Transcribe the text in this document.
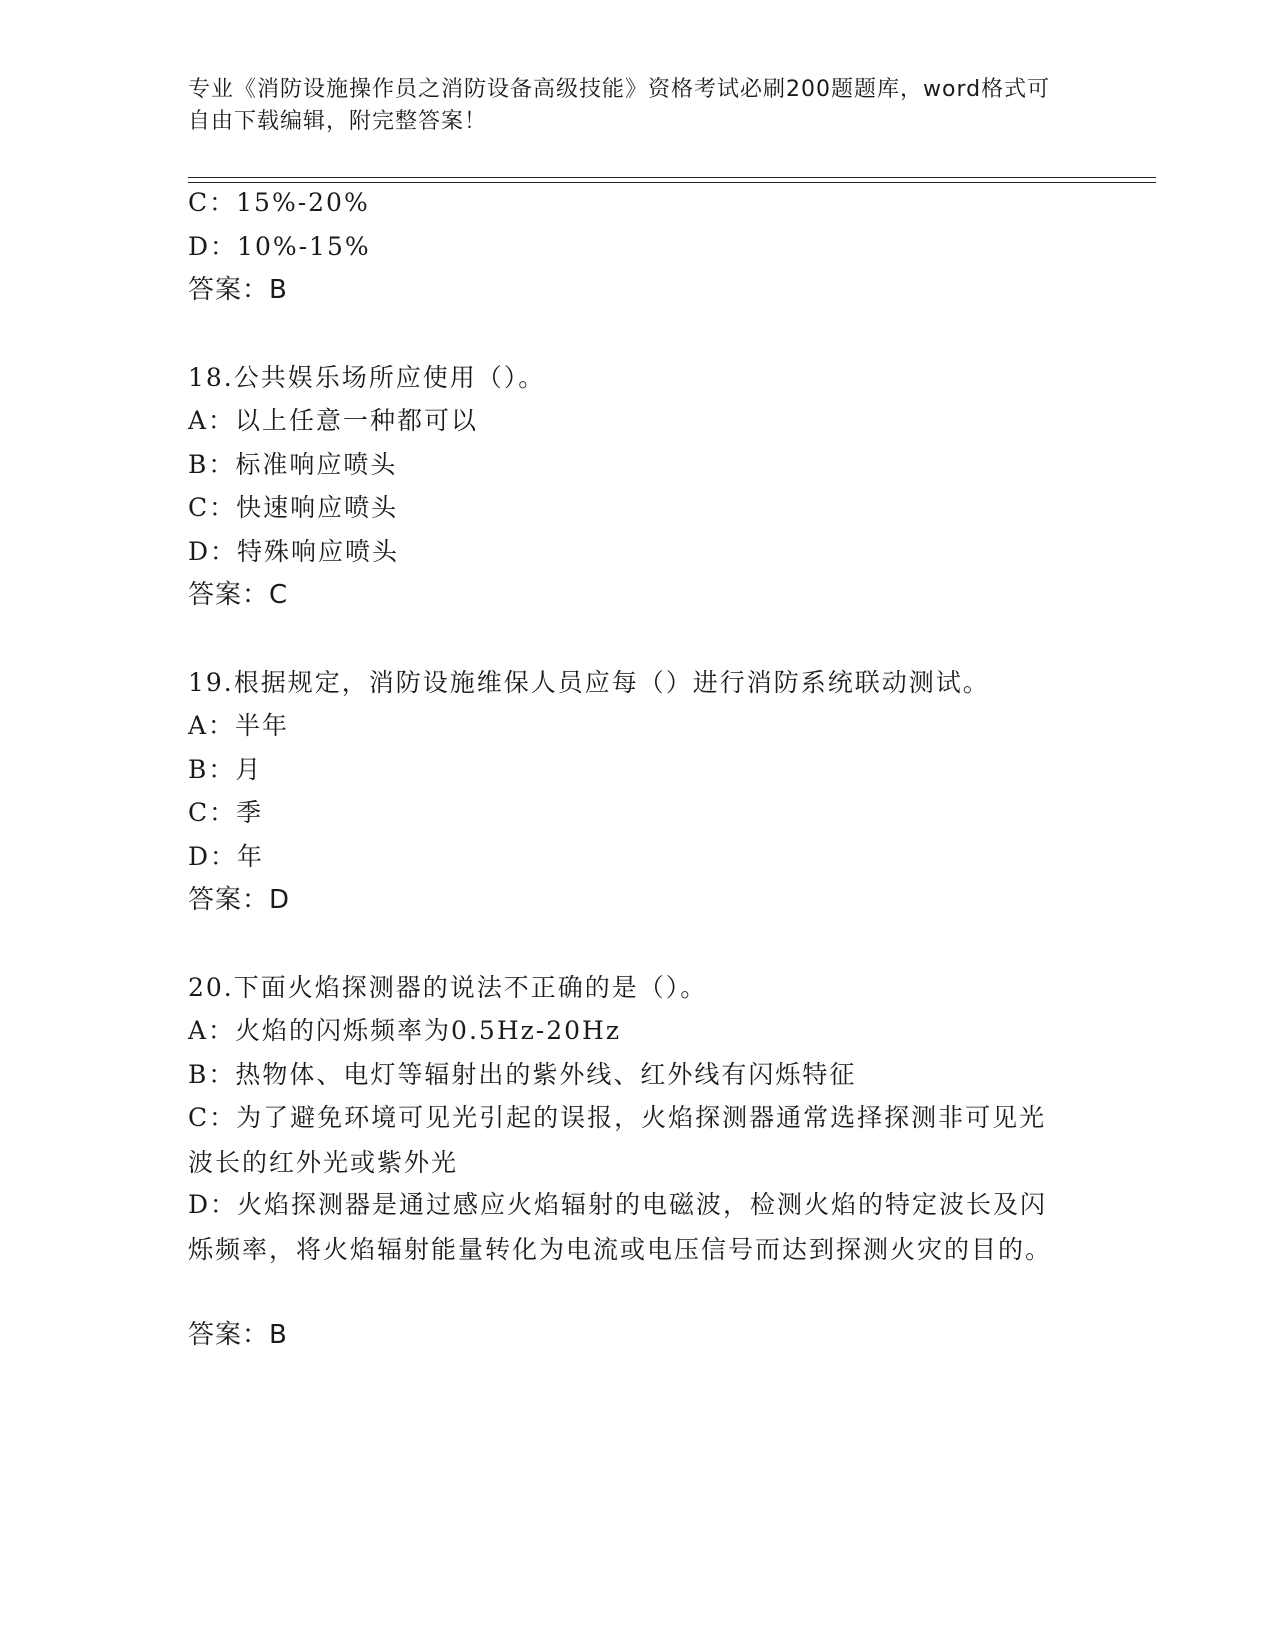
专业《消防设施操作员之消防设备高级技能》资格考试必刷200题题库，word格式可自由下载编辑，附完整答案！
C：15%-20%
D：10%-15%
答案：B
18.公共娱乐场所应使用（）。
A：以上任意一种都可以
B：标准响应喷头
C：快速响应喷头
D：特殊响应喷头
答案：C
19.根据规定，消防设施维保人员应每（）进行消防系统联动测试。
A：半年
B：月
C：季
D：年
答案：D
20.下面火焰探测器的说法不正确的是（）。
A：火焰的闪烁频率为0.5Hz-20Hz
B：热物体、电灯等辐射出的紫外线、红外线有闪烁特征
C：为了避免环境可见光引起的误报，火焰探测器通常选择探测非可见光波长的红外光或紫外光
D：火焰探测器是通过感应火焰辐射的电磁波，检测火焰的特定波长及闪烁频率，将火焰辐射能量转化为电流或电压信号而达到探测火灾的目的。
答案：B
